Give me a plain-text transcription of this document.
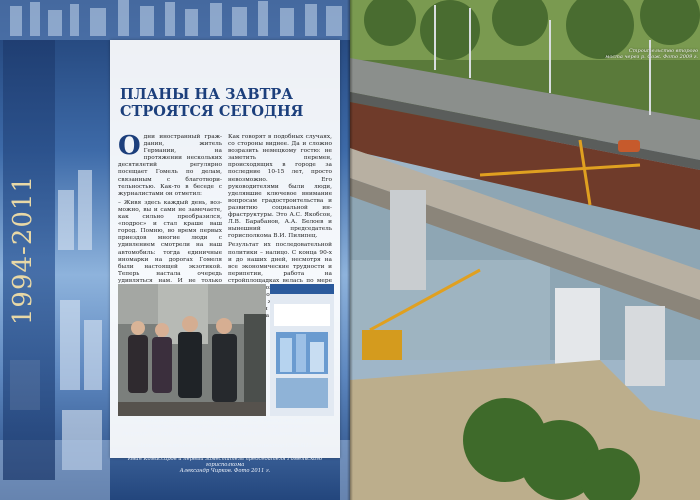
1994-2011
ПЛАНЫ НА ЗАВТРА
СТРОЯТСЯ СЕГОДНЯ

Одни иностранный гражданин, житель Германии, на протяжении нескольких десятилетий регулярно посещает Гомель по делам, связанным с благотворительностью. Как-то в беседе с журналистами он отметил:

– Живя здесь каждый день, возможно, вы и сами не замечаете, как сильно преобразился, «подрос» и стал краше ваш город. Помню, во время первых приездов многие люди с удивлением смотрели на наш автомобиль: тогда единичные иномарки на дорогах Гомеля были настоящей экзотикой. Теперь настала очередь удивляться нам. И не только

Как говорят в подобных случаях, со стороны виднее. Да и сложно возразить немецкому гостю: не заметить перемен, происходящих в городе за последние 10-15 лет, просто невозможно. Его руководителями были люди, уделявшие ключевое внимание вопросам градостроительства и развитию социальной инфраструктуры. Это А.С. Якобсон, Л.В. Барабанов, А.А. Белоев и нынешний председатель горисполкома В.И. Пилипец.

Результат их последовательной политики – налицо. С конца 90-х и до наших дней, несмотря на все экономические трудности и перипетии, работа на стройплощадках велась по мере

На выездной сессии Гомельского городского Совета депутатов,
посвященной вопросам строительства. Слева направо:
депутат Палаты представителей Национального собрания Республики Беларусь
Наталья Лемешева, депутат горсовета, директор СЗШ №11
Наталья Латышева, председатель Гомельского городского Совета депутатов
Иван Комиссаров и первый заместитель председателя Гомельского горисполкома
Александр Чирков. Фото 2011 г.
Строительство второго
моста через р. Сож. Фото 2009 г.
